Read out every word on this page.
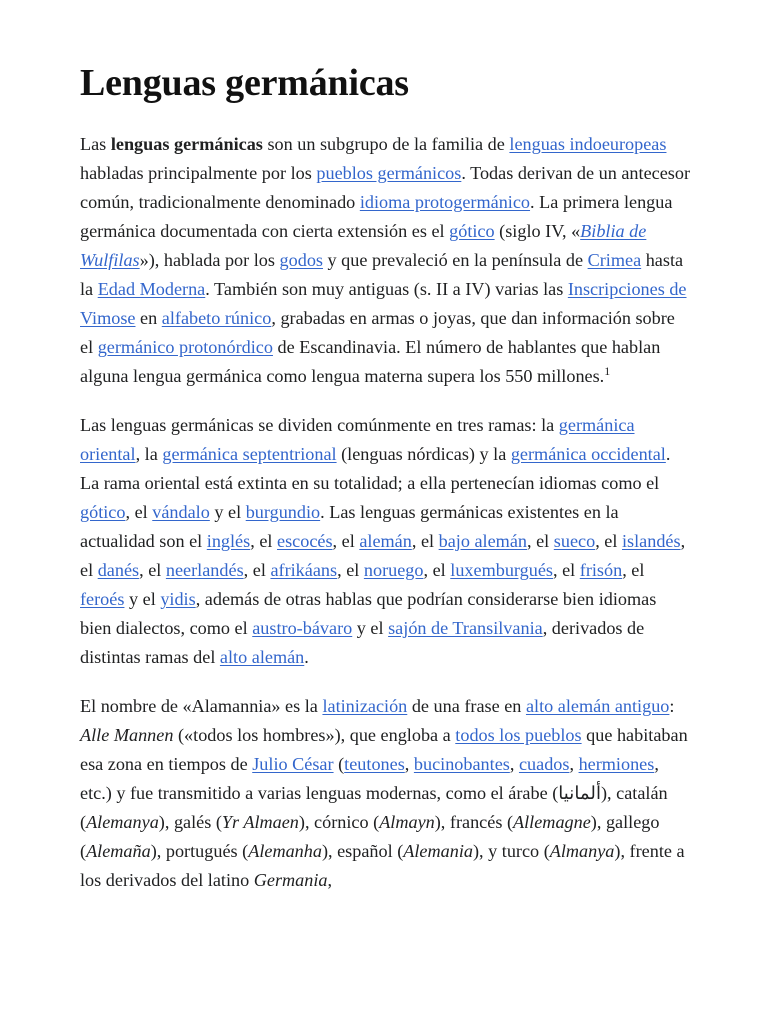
Lenguas germánicas

Las lenguas germánicas son un subgrupo de la familia de lenguas indoeuropeas habladas principalmente por los pueblos germánicos. Todas derivan de un antecesor común, tradicionalmente denominado idioma protogermánico. La primera lengua germánica documentada con cierta extensión es el gótico (siglo IV, «Biblia de Wulfilas»), hablada por los godos y que prevaleció en la península de Crimea hasta la Edad Moderna. También son muy antiguas (s. II a IV) varias las Inscripciones de Vimose en alfabeto rúnico, grabadas en armas o joyas, que dan información sobre el germánico protonórdico de Escandinavia. El número de hablantes que hablan alguna lengua germánica como lengua materna supera los 550 millones.$^1$

Las lenguas germánicas se dividen comúnmente en tres ramas: la germánica oriental, la germánica septentrional (lenguas nórdicas) y la germánica occidental. La rama oriental está extinta en su totalidad; a ella pertenecían idiomas como el gótico, el vándalo y el burgundio. Las lenguas germánicas existentes en la actualidad son el inglés, el escocés, el alemán, el bajo alemán, el sueco, el islandés, el danés, el neerlandés, el afrikáans, el noruego, el luxemburgués, el frisón, el feroés y el yidis, además de otras hablas que podrían considerarse bien idiomas bien dialectos, como el austro-bávaro y el sajón de Transilvania, derivados de distintas ramas del alto alemán.

El nombre de «Alamannia» es la latinización de una frase en alto alemán antiguo: Alle Mannen («todos los hombres»), que engloba a todos los pueblos que habitaban esa zona en tiempos de Julio César (teutones, bucinobantes, cuados, hermiones, etc.) y fue transmitido a varias lenguas modernas, como el árabe (ألمانيا), catalán (Alemanya), galés (Yr Almaen), córnico (Almayn), francés (Allemagne), gallego (Alemaña), portugués (Alemanha), español (Alemania), y turco (Almanya), frente a los derivados del latino Germania,
